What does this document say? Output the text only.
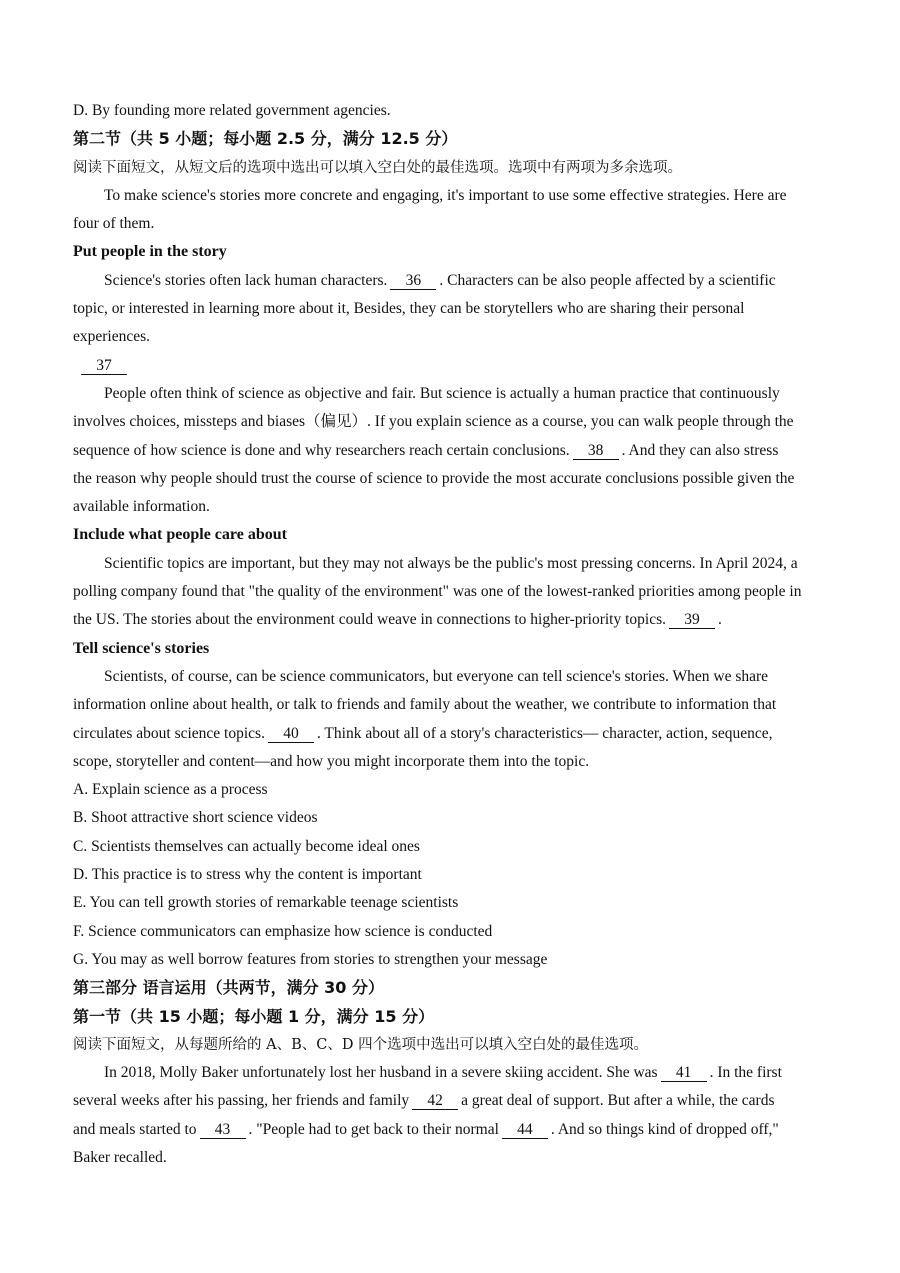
D. By founding more related government agencies.
第二节（共 5 小题；每小题 2.5 分，满分 12.5 分）
阅读下面短文，从短文后的选项中选出可以填入空白处的最佳选项。选项中有两项为多余选项。
To make science's stories more concrete and engaging, it's important to use some effective strategies. Here are
four of them.
Put people in the story
Science's stories often lack human characters. 36 . Characters can be also people affected by a scientific
topic, or interested in learning more about it, Besides, they can be storytellers who are sharing their personal
experiences.
37
People often think of science as objective and fair. But science is actually a human practice that continuously
involves choices, missteps and biases（偏见）. If you explain science as a course, you can walk people through the
sequence of how science is done and why researchers reach certain conclusions. 38 . And they can also stress
the reason why people should trust the course of science to provide the most accurate conclusions possible given the
available information.
Include what people care about
Scientific topics are important, but they may not always be the public's most pressing concerns. In April 2024, a
polling company found that "the quality of the environment" was one of the lowest-ranked priorities among people in
the US. The stories about the environment could weave in connections to higher-priority topics. 39 .
Tell science's stories
Scientists, of course, can be science communicators, but everyone can tell science's stories. When we share
information online about health, or talk to friends and family about the weather, we contribute to information that
circulates about science topics. 40 . Think about all of a story's characteristics— character, action, sequence,
scope, storyteller and content—and how you might incorporate them into the topic.
A. Explain science as a process
B. Shoot attractive short science videos
C. Scientists themselves can actually become ideal ones
D. This practice is to stress why the content is important
E. You can tell growth stories of remarkable teenage scientists
F. Science communicators can emphasize how science is conducted
G. You may as well borrow features from stories to strengthen your message
第三部分 语言运用（共两节，满分 30 分）
第一节（共 15 小题；每小题 1 分，满分 15 分）
阅读下面短文，从每题所给的 A、B、C、D 四个选项中选出可以填入空白处的最佳选项。
In 2018, Molly Baker unfortunately lost her husband in a severe skiing accident. She was 41 . In the first
several weeks after his passing, her friends and family 42 a great deal of support. But after a while, the cards
and meals started to 43 . "People had to get back to their normal 44 . And so things kind of dropped off,"
Baker recalled.
